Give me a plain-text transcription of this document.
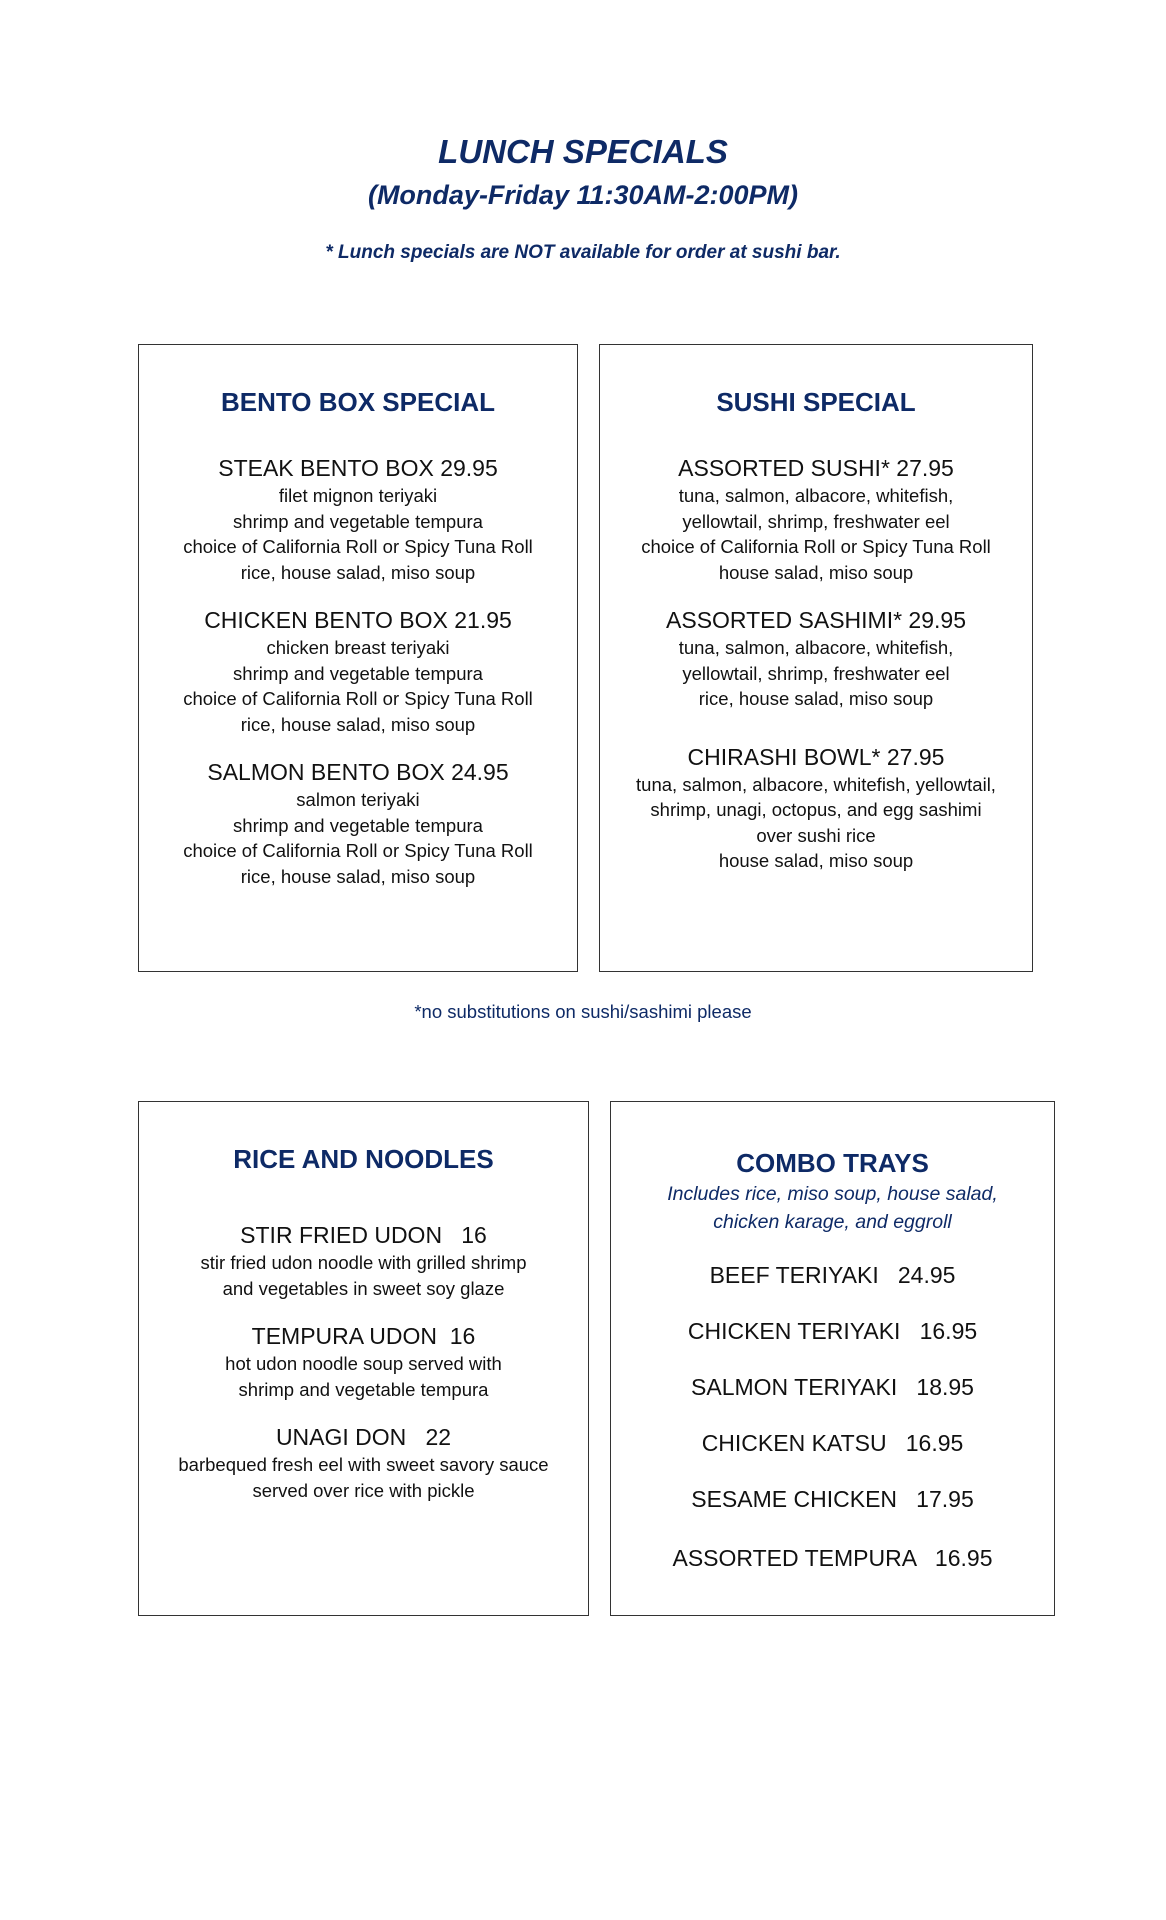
LUNCH SPECIALS
(Monday-Friday 11:30AM-2:00PM)
* Lunch specials are NOT available for order at sushi bar.
BENTO BOX SPECIAL
STEAK BENTO BOX 29.95
filet mignon teriyaki
shrimp and vegetable tempura
choice of California Roll or Spicy Tuna Roll
rice, house salad, miso soup
CHICKEN BENTO BOX 21.95
chicken breast teriyaki
shrimp and vegetable tempura
choice of California Roll or Spicy Tuna Roll
rice, house salad, miso soup
SALMON BENTO BOX 24.95
salmon teriyaki
shrimp and vegetable tempura
choice of California Roll or Spicy Tuna Roll
rice, house salad, miso soup
SUSHI SPECIAL
ASSORTED SUSHI* 27.95
tuna, salmon, albacore, whitefish,
yellowtail, shrimp, freshwater eel
choice of California Roll or Spicy Tuna Roll
house salad, miso soup
ASSORTED SASHIMI* 29.95
tuna, salmon, albacore, whitefish,
yellowtail, shrimp, freshwater eel
rice, house salad, miso soup
CHIRASHI BOWL* 27.95
tuna, salmon, albacore, whitefish, yellowtail,
shrimp, unagi, octopus, and egg sashimi
over sushi rice
house salad, miso soup
*no substitutions on sushi/sashimi please
RICE AND NOODLES
STIR FRIED UDON   16
stir fried udon noodle with grilled shrimp
and vegetables in sweet soy glaze
TEMPURA UDON  16
hot udon noodle soup served with
shrimp and vegetable tempura
UNAGI DON   22
barbequed fresh eel with sweet savory sauce
served over rice with pickle
COMBO TRAYS
Includes rice, miso soup, house salad,
chicken karage, and eggroll
BEEF TERIYAKI   24.95
CHICKEN TERIYAKI   16.95
SALMON TERIYAKI   18.95
CHICKEN KATSU   16.95
SESAME CHICKEN   17.95
ASSORTED TEMPURA   16.95
